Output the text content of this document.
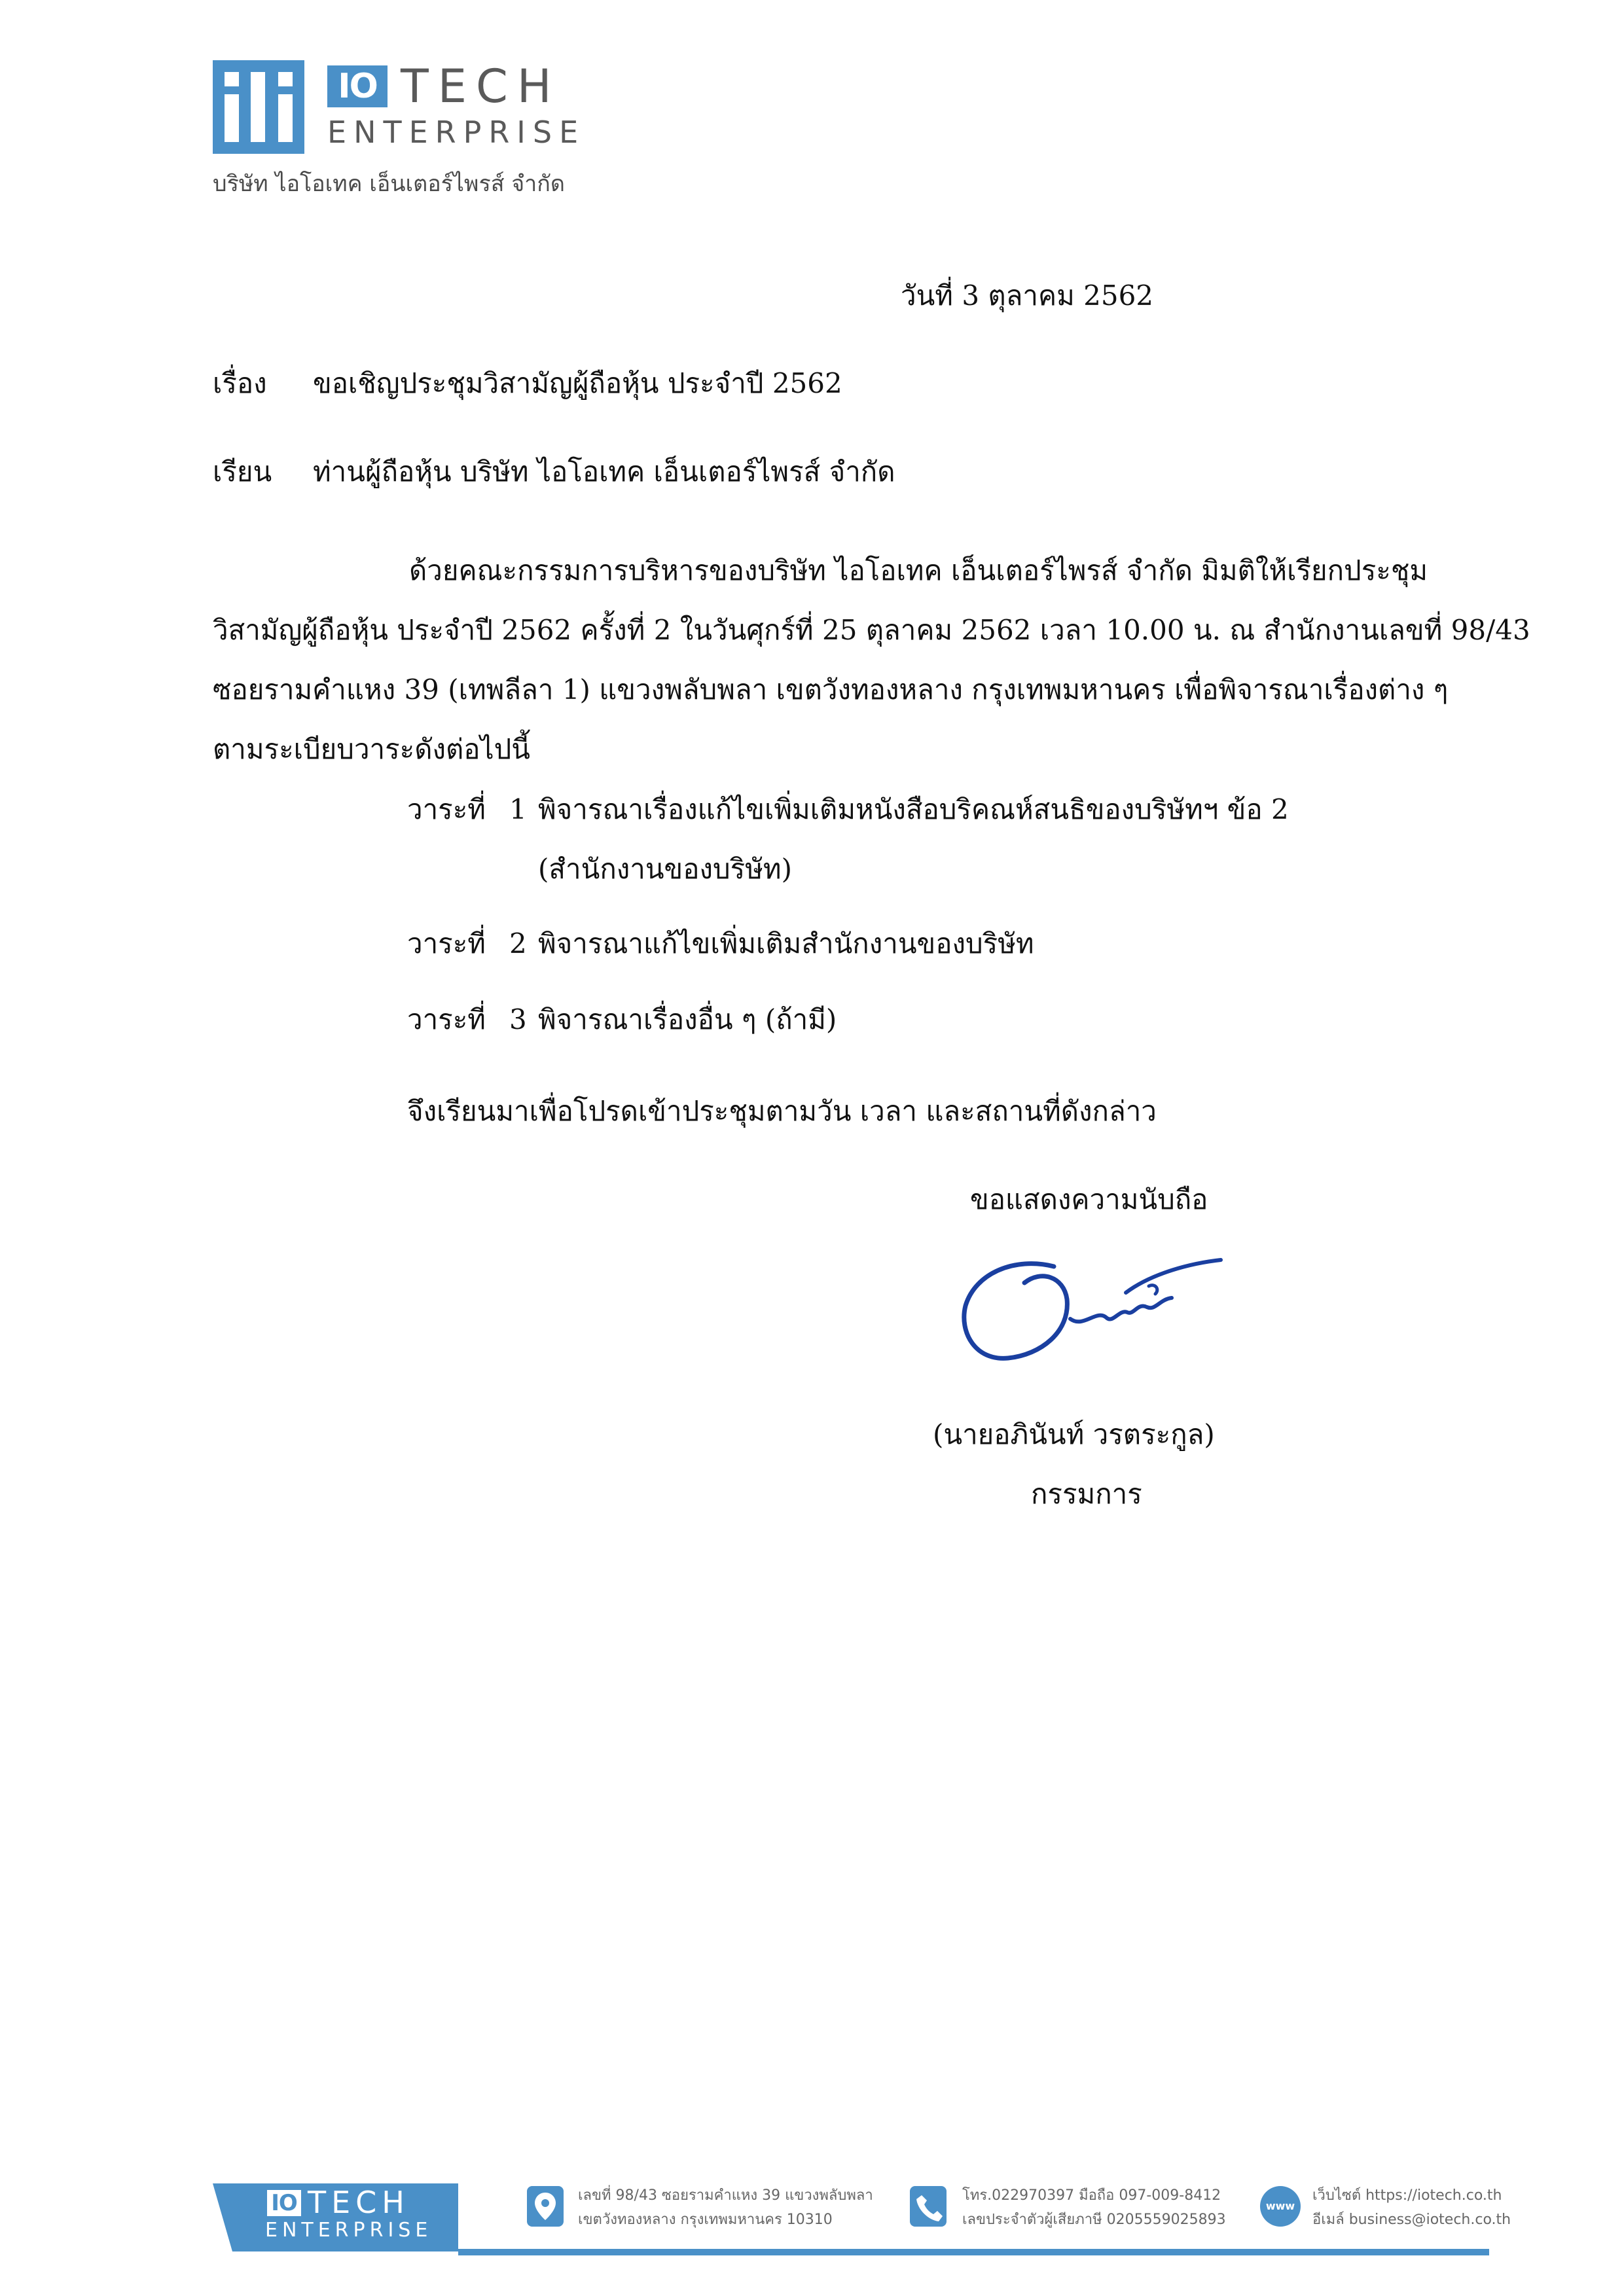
IO TECH
ENTERPRISE
บริษัท ไอโอเทค เอ็นเตอร์ไพรส์ จำกัด
วันที่ 3 ตุลาคม 2562
เรื่อง ขอเชิญประชุมวิสามัญผู้ถือหุ้น ประจำปี 2562
เรียน ท่านผู้ถือหุ้น บริษัท ไอโอเทค เอ็นเตอร์ไพรส์ จำกัด
ด้วยคณะกรรมการบริหารของบริษัท ไอโอเทค เอ็นเตอร์ไพรส์ จำกัด มิมติให้เรียกประชุม
วิสามัญผู้ถือหุ้น ประจำปี 2562 ครั้งที่ 2 ในวันศุกร์ที่ 25 ตุลาคม 2562 เวลา 10.00 น. ณ สำนักงานเลขที่ 98/43
ซอยรามคำแหง 39 (เทพลีลา 1) แขวงพลับพลา เขตวังทองหลาง กรุงเทพมหานคร เพื่อพิจารณาเรื่องต่าง ๆ
ตามระเบียบวาระดังต่อไปนี้
วาระที่ 1 พิจารณาเรื่องแก้ไขเพิ่มเติมหนังสือบริคณห์สนธิของบริษัทฯ ข้อ 2
(สำนักงานของบริษัท)
วาระที่ 2 พิจารณาแก้ไขเพิ่มเติมสำนักงานของบริษัท
วาระที่ 3 พิจารณาเรื่องอื่น ๆ (ถ้ามี)
จึงเรียนมาเพื่อโปรดเข้าประชุมตามวัน เวลา และสถานที่ดังกล่าว
ขอแสดงความนับถือ
(นายอภินันท์ วรตระกูล)
กรรมการ
IO TECH
ENTERPRISE
เลขที่ 98/43 ซอยรามคำแหง 39 แขวงพลับพลา
เขตวังทองหลาง กรุงเทพมหานคร 10310
โทร.022970397 มือถือ 097-009-8412
เลขประจำตัวผู้เสียภาษี 0205559025893
www
เว็บไซต์ https://iotech.co.th
อีเมล์ business@iotech.co.th
